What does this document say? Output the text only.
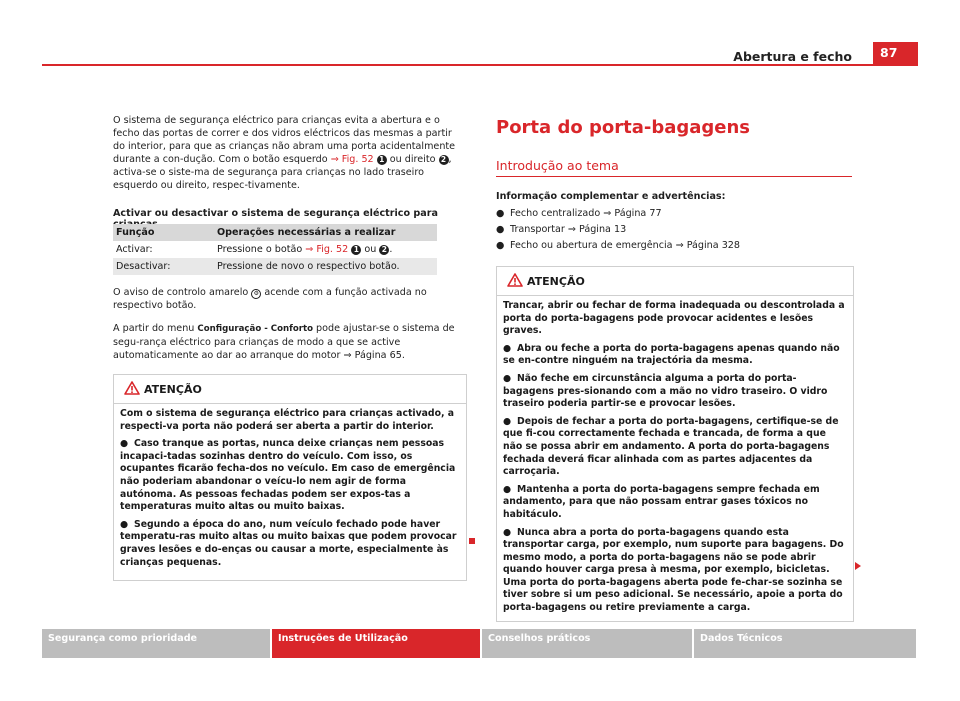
Abertura e fecho	87

O sistema de segurança eléctrico para crianças evita a abertura e o fecho das portas de correr e dos vidros eléctricos das mesmas a partir do interior, para que as crianças não abram uma porta acidentalmente durante a con-dução. Com o botão esquerdo ⇒ Fig. 52 1 ou direito 2 , activa-se o siste-ma de segurança para crianças no lado traseiro esquerdo ou direito, respec-tivamente.

Activar ou desactivar o sistema de segurança eléctrico para
Função	Operações necessárias a realizar
Activar:	Pressione o botão ⇒ Fig. 52 1 ou 2 .
Desactivar:	Pressione de novo o respectivo botão.

O aviso de controlo amarelo ⚙ acende com a função activada no respectivo botão.

A partir do menu Configuração - Conforto pode ajustar-se o sistema de segu-rança eléctrico para crianças de modo a que se active automaticamente ao dar ao arranque do motor ⇒ Página 65.

ATENÇÃO

Com o sistema de segurança eléctrico para crianças activado, a respecti-va porta não poderá ser aberta a partir do interior.

● Caso tranque as portas, nunca deixe crianças nem pessoas incapaci-tadas sozinhas dentro do veículo. Com isso, os ocupantes ficarão fecha-dos no veículo. Em caso de emergência não poderiam abandonar o veícu-lo nem agir de forma autónoma. As pessoas fechadas podem ser expos-tas a temperaturas muito altas ou muito baixas.

● Segundo a época do ano, num veículo fechado pode haver temperatu-ras muito altas ou muito baixas que podem provocar graves lesões e do-enças ou causar a morte, especialmente às crianças pequenas.

Porta do porta-bagagens
Introdução ao tema
Informação complementar e advertências:
● Fecho centralizado ⇒ Página 77
● Transportar ⇒ Página 13
● Fecho ou abertura de emergência ⇒ Página 328
ATENÇÃO

Trancar, abrir ou fechar de forma inadequada ou descontrolada a porta do porta-bagagens pode provocar acidentes e lesões graves.

● Abra ou feche a porta do porta-bagagens apenas quando não se en-contre ninguém na trajectória da mesma.

● Não feche em circunstância alguma a porta do porta-bagagens pres-sionando com a mão no vidro traseiro. O vidro traseiro poderia partir-se e provocar lesões.

● Depois de fechar a porta do porta-bagagens, certifique-se de que fi-cou correctamente fechada e trancada, de forma a que não se possa abrir em andamento. A porta do porta-bagagens fechada deverá ficar alinhada com as partes adjacentes da carroçaria.

● Mantenha a porta do porta-bagagens sempre fechada em andamento, para que não possam entrar gases tóxicos no habitáculo.

● Nunca abra a porta do porta-bagagens quando esta transportar carga, por exemplo, num suporte para bagagens. Do mesmo modo, a porta do porta-bagagens não se pode abrir quando houver carga presa à mesma, por exemplo, bicicletas. Uma porta do porta-bagagens aberta pode fe-char-se sozinha se tiver sobre si um peso adicional. Se necessário, apoie a porta do porta-bagagens ou retire previamente a carga.

Segurança como prioridade	Instruções de Utilização	Conselhos práticos	Dados Técnicos
